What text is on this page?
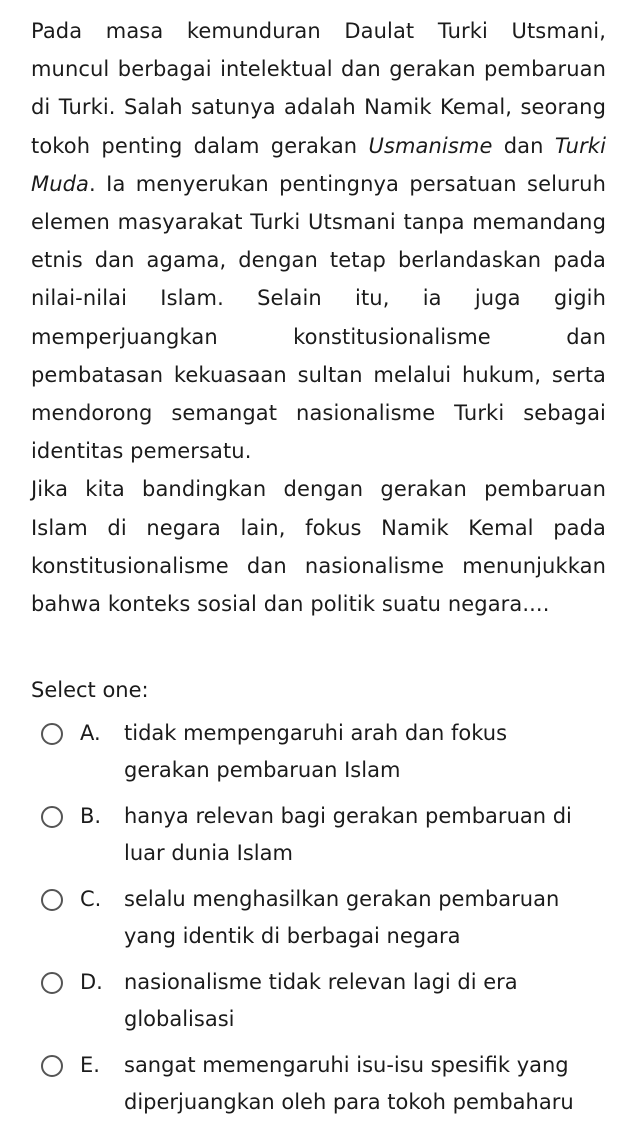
Pada masa kemunduran Daulat Turki Utsmani, muncul berbagai intelektual dan gerakan pembaruan di Turki. Salah satunya adalah Namik Kemal, seorang tokoh penting dalam gerakan Usmanisme dan Turki Muda. Ia menyerukan pentingnya persatuan seluruh elemen masyarakat Turki Utsmani tanpa memandang etnis dan agama, dengan tetap berlandaskan pada nilai-nilai Islam. Selain itu, ia juga gigih memperjuangkan konstitusionalisme dan pembatasan kekuasaan sultan melalui hukum, serta mendorong semangat nasionalisme Turki sebagai identitas pemersatu.

Jika kita bandingkan dengan gerakan pembaruan Islam di negara lain, fokus Namik Kemal pada konstitusionalisme dan nasionalisme menunjukkan bahwa konteks sosial dan politik suatu negara....

Select one:
A.	tidak mempengaruhi arah dan fokus gerakan pembaruan Islam
B.	hanya relevan bagi gerakan pembaruan di luar dunia Islam
C.	selalu menghasilkan gerakan pembaruan yang identik di berbagai negara
D.	nasionalisme tidak relevan lagi di era globalisasi
E.	sangat memengaruhi isu-isu spesifik yang diperjuangkan oleh para tokoh pembaharu
